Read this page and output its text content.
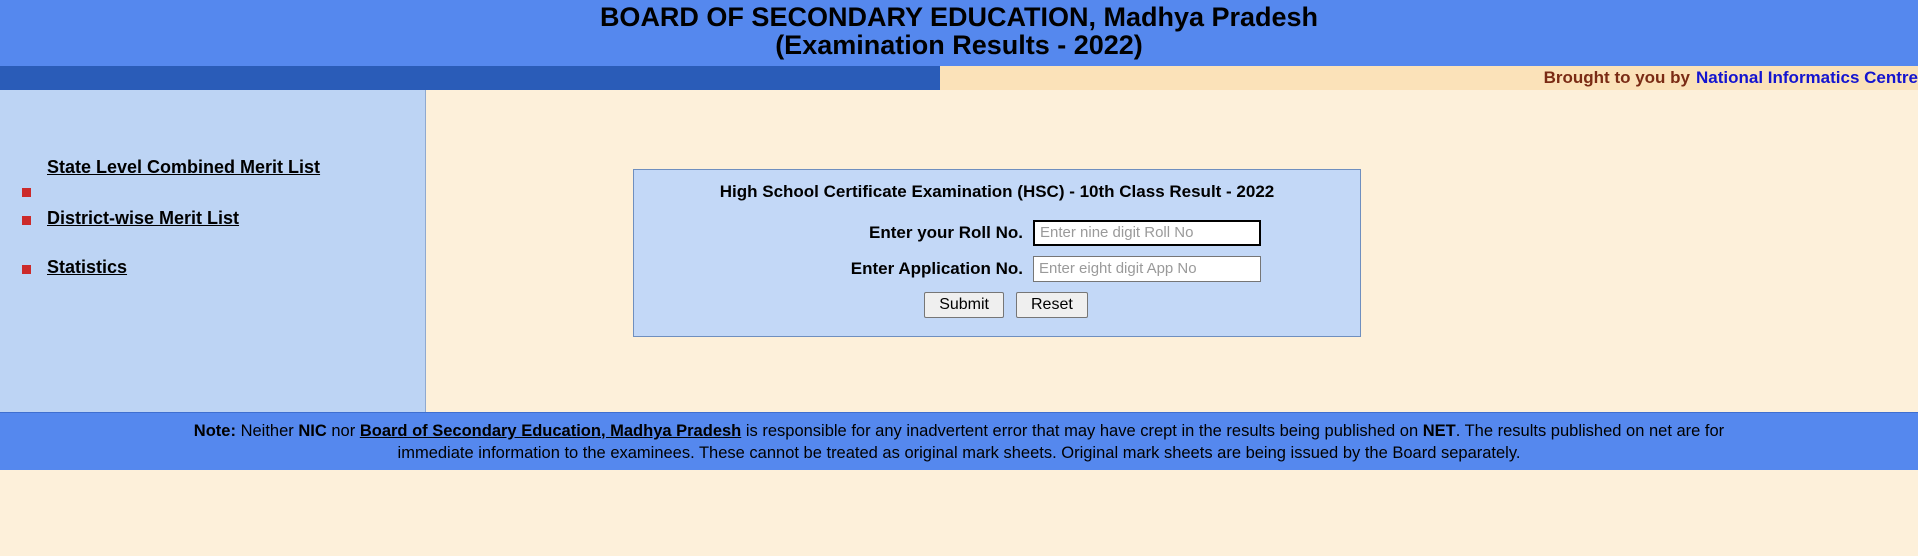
BOARD OF SECONDARY EDUCATION, Madhya Pradesh
(Examination Results - 2022)
Brought to you by National Informatics Centre
State Level Combined Merit List
District-wise Merit List
Statistics
High School Certificate Examination (HSC) - 10th Class Result - 2022
Enter your Roll No.
Enter nine digit Roll No
Enter Application No.
Enter eight digit App No
Submit	Reset

Note: Neither NIC nor Board of Secondary Education, Madhya Pradesh is responsible for any inadvertent error that may have crept in the results being published on NET. The results published on net are for

immediate information to the examinees. These cannot be treated as original mark sheets. Original mark sheets are being issued by the Board separately.
